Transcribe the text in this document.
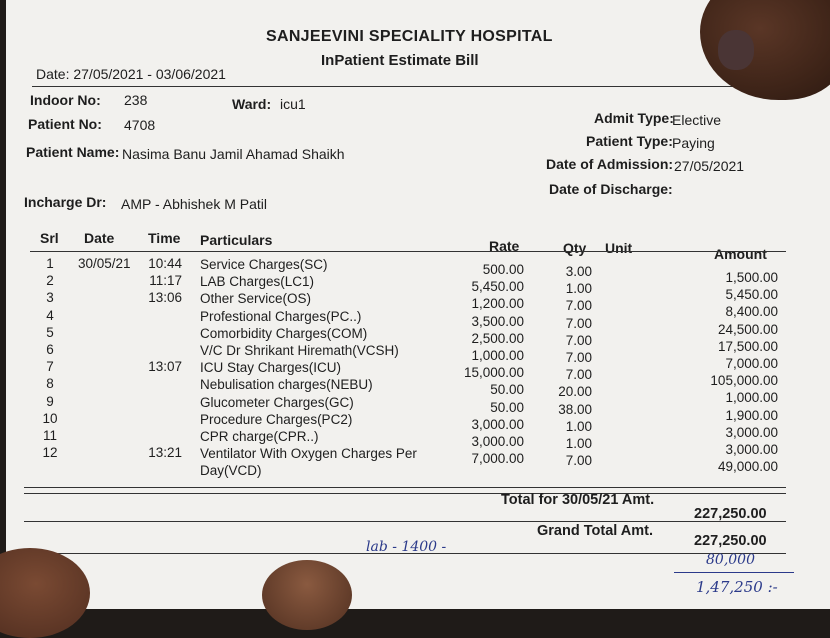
SANJEEVINI SPECIALITY HOSPITAL
InPatient Estimate Bill
Date: 27/05/2021 - 03/06/2021
Indoor No: 238	Ward: icu1
Patient No: 4708
Patient Name: Nasima Banu Jamil Ahamad Shaikh
Incharge Dr: AMP - Abhishek M Patil
Admit Type:
Elective
Patient Type: Paying
Date of Admission: 27/05/2021
Date of Discharge:
Srl Date Time Particulars	Rate	Qty Unit	Amount
1	30/05/21	10:44 Service Charges(SC)	500.00	3.00	1,500.00
2	11:17 LAB Charges(LC1)	5,450.00	1.00	5,450.00
3	13:06 Other Service(OS)	1,200.00	7.00	8,400.00
4	Profestional Charges(PC..)	3,500.00	7.00	24,500.00
5	Comorbidity Charges(COM)	2,500.00	7.00	17,500.00
6	V/C Dr Shrikant Hiremath(VCSH)	1,000.00	7.00	7,000.00
7	13:07 ICU Stay Charges(ICU)	15,000.00	7.00	105,000.00
8	Nebulisation charges(NEBU)	50.00	20.00	1,000.00
9	Glucometer Charges(GC)	50.00	38.00	1,900.00
10	Procedure Charges(PC2)	3,000.00	1.00	3,000.00
11	CPR charge(CPR..)	3,000.00	1.00	3,000.00
12	13:21 Ventilator With Oxygen Charges Per	7,000.00	7.00	49,000.00
Day(VCD)
Total for 30/05/21 Amt.
227,250.00
Grand Total Amt.
227,250.00
lab - 1400 -
80,000
1,47,250 :-
